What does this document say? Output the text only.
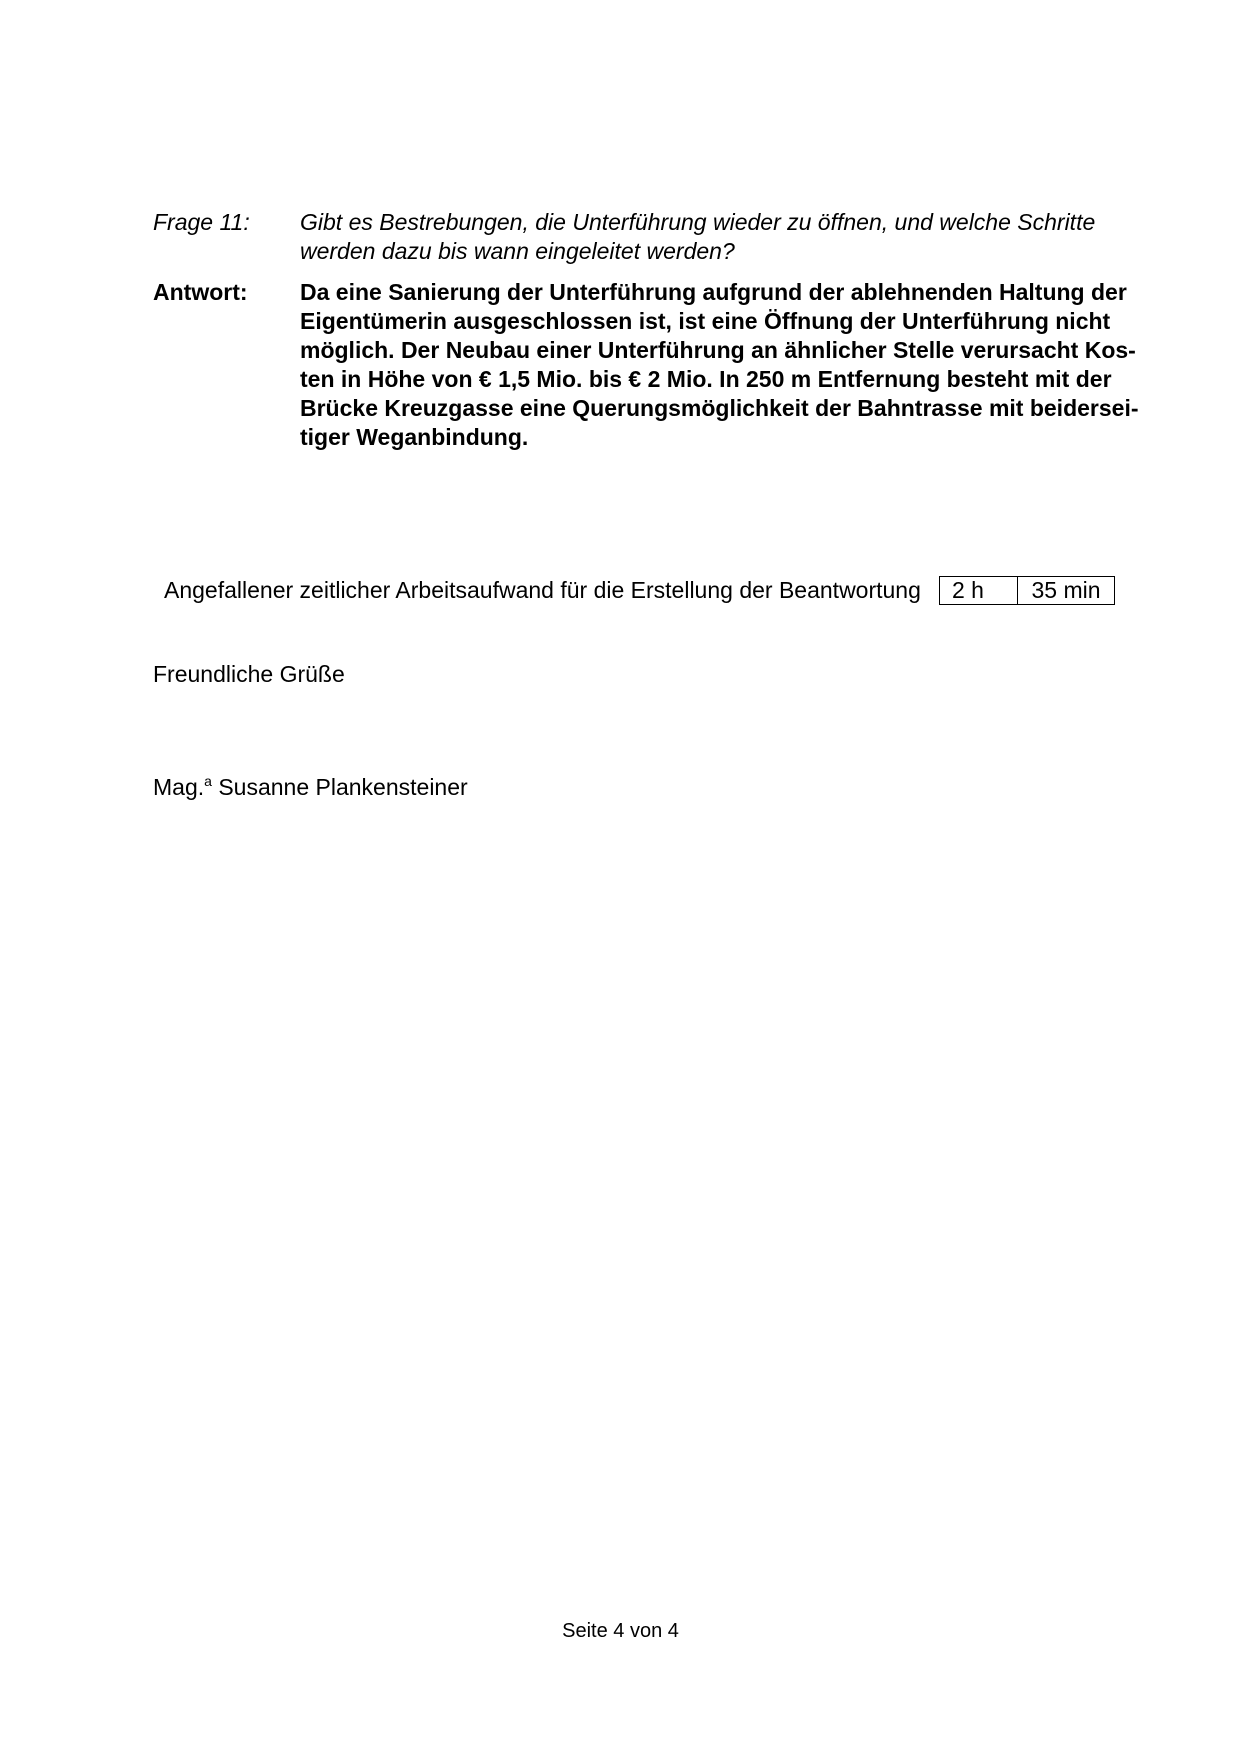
Frage 11:	Gibt es Bestrebungen, die Unterführung wieder zu öffnen, und welche Schritte
werden dazu bis wann eingeleitet werden?
Antwort:	Da eine Sanierung der Unterführung aufgrund der ablehnenden Haltung der
Eigentümerin ausgeschlossen ist, ist eine Öffnung der Unterführung nicht
möglich. Der Neubau einer Unterführung an ähnlicher Stelle verursacht Kos-
ten in Höhe von € 1,5 Mio. bis € 2 Mio. In 250 m Entfernung besteht mit der
Brücke Kreuzgasse eine Querungsmöglichkeit der Bahntrasse mit beidersei-
tiger Weganbindung.
Angefallener zeitlicher Arbeitsaufwand für die Erstellung der Beantwortung	2 h	35 min
Freundliche Grüße
Mag.$^a$ Susanne Plankensteiner
Seite 4 von 4
